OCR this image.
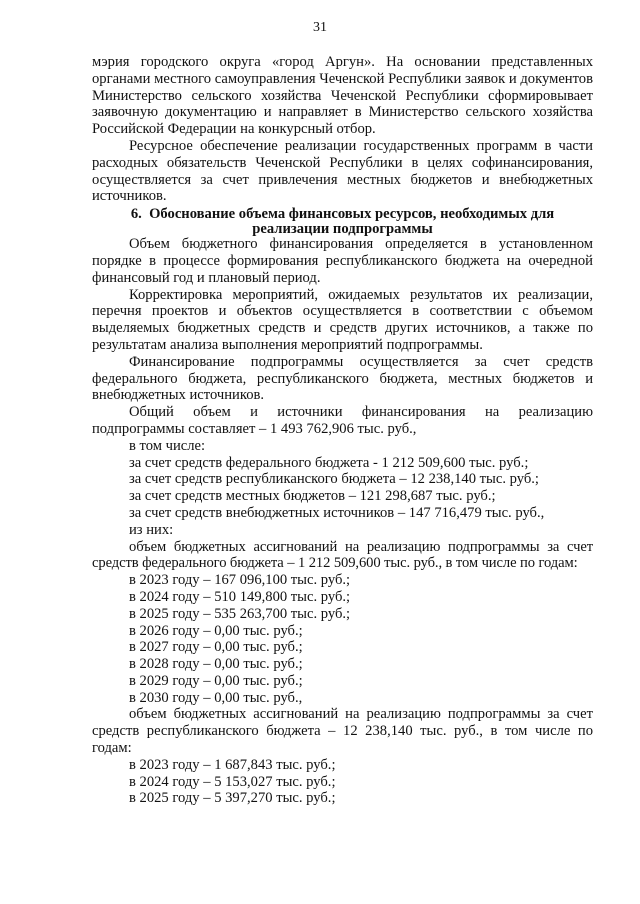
31

мэрия городского округа «город Аргун». На основании представленных органами местного самоуправления Чеченской Республики заявок и документов Министерство сельского хозяйства Чеченской Республики сформировывает заявочную документацию и направляет в Министерство сельского хозяйства Российской Федерации на конкурсный отбор.

Ресурсное обеспечение реализации государственных программ в части расходных обязательств Чеченской Республики в целях софинансирования, осуществляется за счет привлечения местных бюджетов и внебюджетных источников.

6. Обоснование объема финансовых ресурсов, необходимых для
реализации подпрограммы

Объем бюджетного финансирования определяется в установленном порядке в процессе формирования республиканского бюджета на очередной финансовый год и плановый период.

Корректировка мероприятий, ожидаемых результатов их реализации, перечня проектов и объектов осуществляется в соответствии с объемом выделяемых бюджетных средств и средств других источников, а также по результатам анализа выполнения мероприятий подпрограммы.

Финансирование подпрограммы осуществляется за счет средств федерального бюджета, республиканского бюджета, местных бюджетов и внебюджетных источников.

Общий объем и источники финансирования на реализацию подпрограммы составляет – 1 493 762,906 тыс. руб.,

в том числе:
за счет средств федерального бюджета - 1 212 509,600 тыс. руб.;
за счет средств республиканского бюджета – 12 238,140 тыс. руб.;
за счет средств местных бюджетов – 121 298,687 тыс. руб.;
за счет средств внебюджетных источников – 147 716,479 тыс. руб.,
из них:

объем бюджетных ассигнований на реализацию подпрограммы за счет средств федерального бюджета – 1 212 509,600 тыс. руб., в том числе по годам:

в 2023 году – 167 096,100 тыс. руб.;
в 2024 году – 510 149,800 тыс. руб.;
в 2025 году – 535 263,700 тыс. руб.;
в 2026 году – 0,00 тыс. руб.;
в 2027 году – 0,00 тыс. руб.;
в 2028 году – 0,00 тыс. руб.;
в 2029 году – 0,00 тыс. руб.;
в 2030 году – 0,00 тыс. руб.,

объем бюджетных ассигнований на реализацию подпрограммы за счет средств республиканского бюджета – 12 238,140 тыс. руб., в том числе по годам:

в 2023 году – 1 687,843 тыс. руб.;
в 2024 году – 5 153,027 тыс. руб.;
в 2025 году – 5 397,270 тыс. руб.;
